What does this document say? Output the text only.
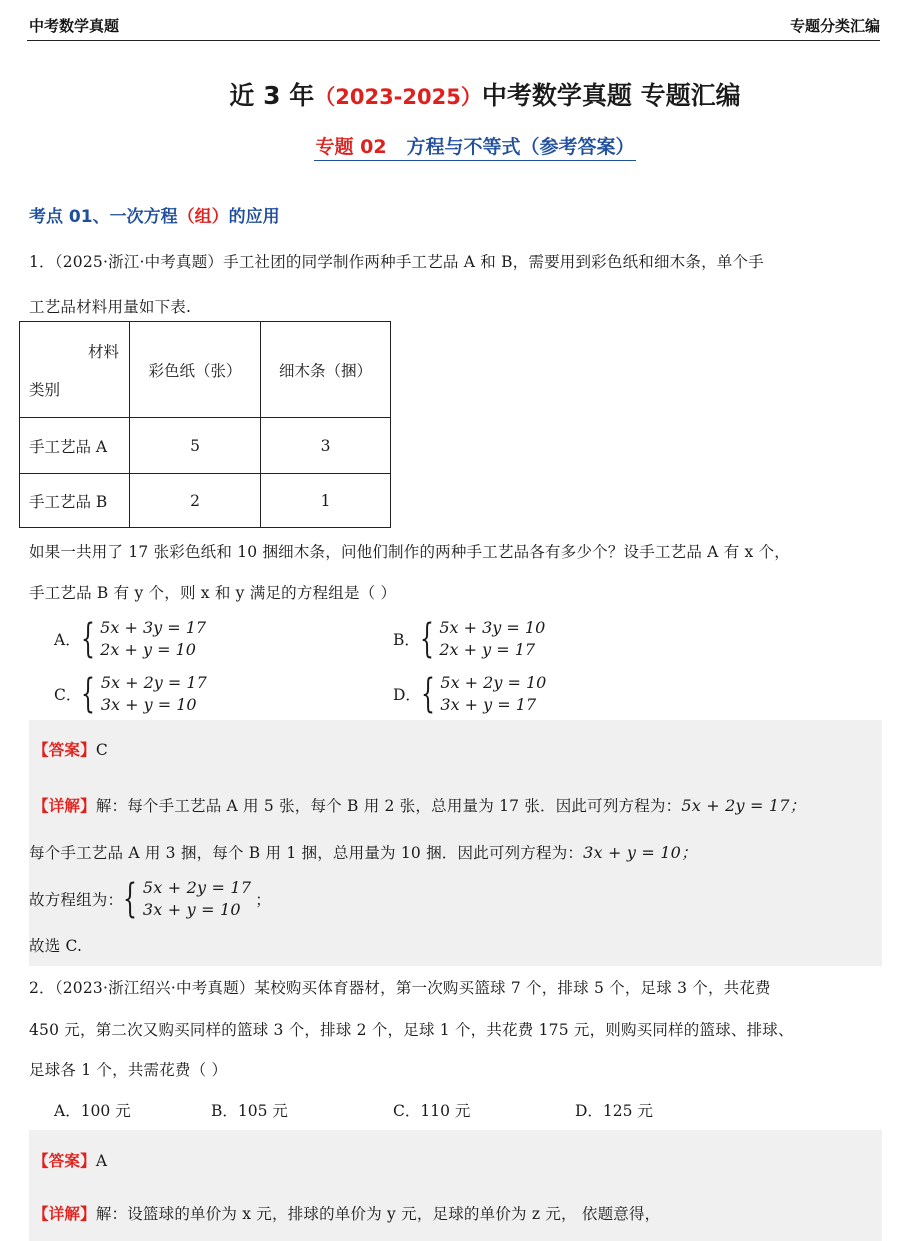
中考数学真题	专题分类汇编
近 3 年（2023-2025）中考数学真题 专题汇编
专题 02 方程与不等式（参考答案）
考点 01、一次方程（组）的应用
1．（2025·浙江·中考真题）手工社团的同学制作两种手工艺品 A 和 B，需要用到彩色纸和细木条，单个手
工艺品材料用量如下表.
材料
类别	彩色纸（张）	细木条（捆）
手工艺品 A	5	3
手工艺品 B	2	1
如果一共用了 17 张彩色纸和 10 捆细木条，问他们制作的两种手工艺品各有多少个？设手工艺品 A 有 x 个，
手工艺品 B 有 y 个，则 x 和 y 满足的方程组是（ ）
A． { 5x + 3y = 17
2x + y = 10	B． { 5x + 3y = 10
2x + y = 17
C． { 5x + 2y = 17
3x + y = 10	D． { 5x + 2y = 10
3x + y = 17
【答案】C
【详解】解：每个手工艺品 A 用 5 张，每个 B 用 2 张，总用量为 17 张．因此可列方程为：5x + 2y = 17；
每个手工艺品 A 用 3 捆，每个 B 用 1 捆，总用量为 10 捆．因此可列方程为：3x + y = 10；
故方程组为： { 5x + 2y = 17
3x + y = 10 ；
故选 C.
2．（2023·浙江绍兴·中考真题）某校购买体育器材，第一次购买篮球 7 个，排球 5 个，足球 3 个，共花费
450 元，第二次又购买同样的篮球 3 个，排球 2 个，足球 1 个，共花费 175 元，则购买同样的篮球、排球、
足球各 1 个，共需花费（ ）
A．100 元	B．105 元	C．110 元	D．125 元
【答案】A
【详解】解：设篮球的单价为 x 元，排球的单价为 y 元，足球的单价为 z 元， 依题意得，
